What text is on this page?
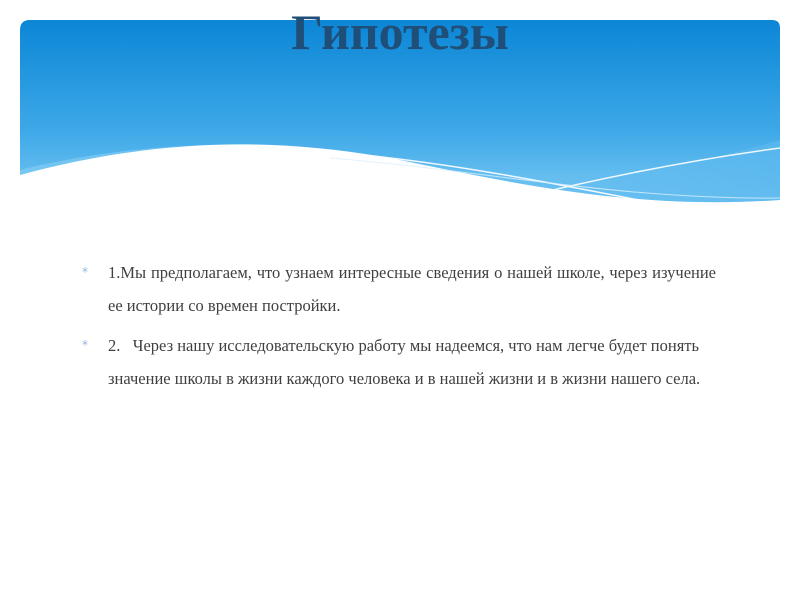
Гипотезы
* 1.Мы предполагаем, что узнаем интересные сведения о нашей школе, через изучение ее истории со времен постройки.
* 2.   Через нашу исследовательскую работу мы надеемся, что нам легче будет понять значение школы в жизни каждого человека и в нашей жизни и в жизни нашего села.
